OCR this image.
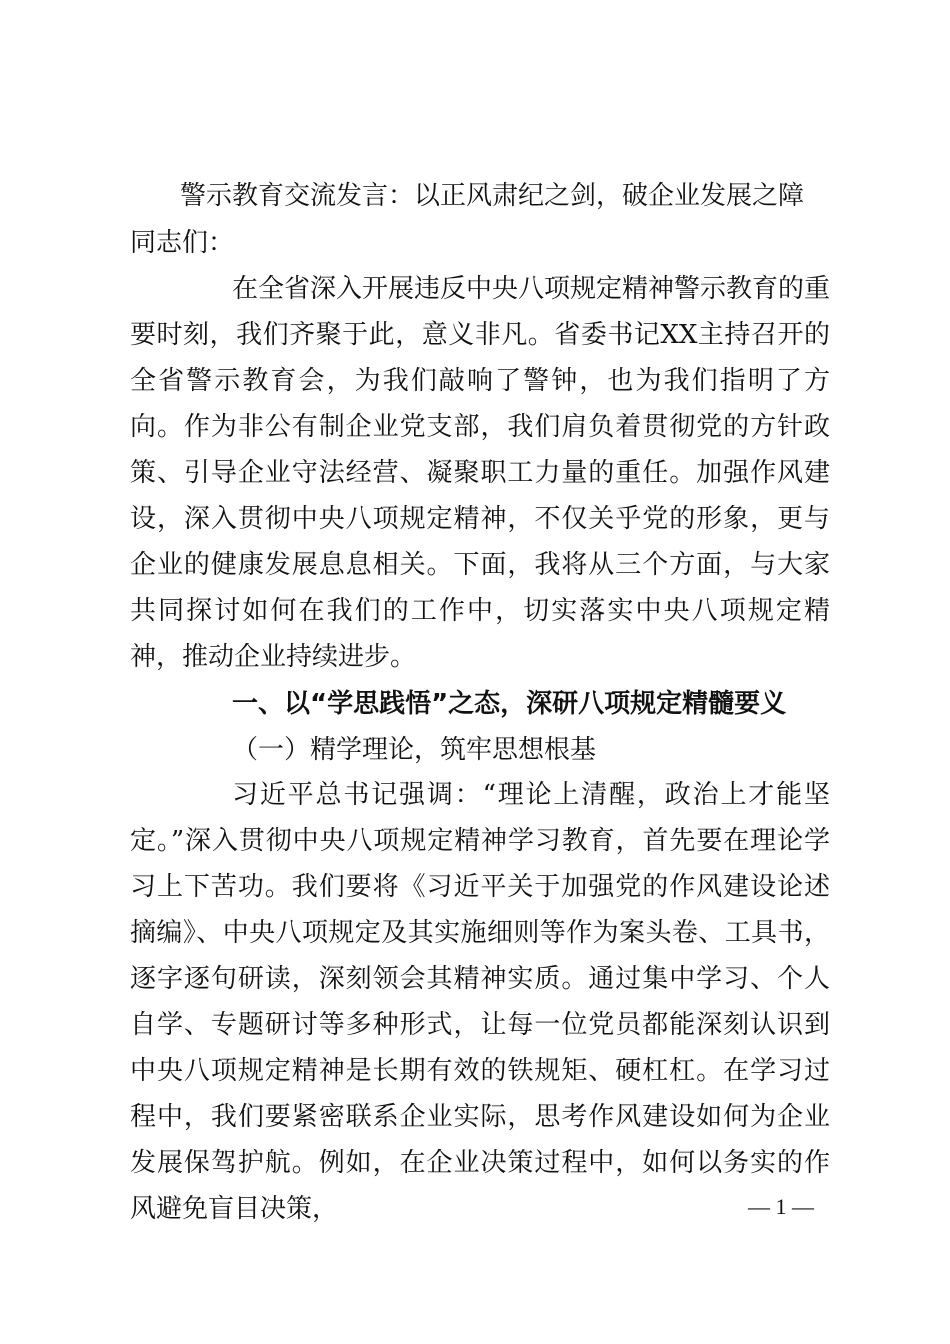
警示教育交流发言：以正风肃纪之剑，破企业发展之障
同志们：

在全省深入开展违反中央八项规定精神警示教育的重要时刻，我们齐聚于此，意义非凡。省委书记XX主持召开的全省警示教育会，为我们敲响了警钟，也为我们指明了方向。作为非公有制企业党支部，我们肩负着贯彻党的方针政策、引导企业守法经营、凝聚职工力量的重任。加强作风建设，深入贯彻中央八项规定精神，不仅关乎党的形象，更与企业的健康发展息息相关。下面，我将从三个方面，与大家共同探讨如何在我们的工作中，切实落实中央八项规定精神，推动企业持续进步。

一、以“学思践悟”之态，深研八项规定精髓要义
（一）精学理论，筑牢思想根基

习近平总书记强调：“理论上清醒，政治上才能坚定。”深入贯彻中央八项规定精神学习教育，首先要在理论学习上下苦功。我们要将《习近平关于加强党的作风建设论述摘编》、中央八项规定及其实施细则等作为案头卷、工具书，逐字逐句研读，深刻领会其精神实质。通过集中学习、个人自学、专题研讨等多种形式，让每一位党员都能深刻认识到中央八项规定精神是长期有效的铁规矩、硬杠杠。在学习过程中，我们要紧密联系企业实际，思考作风建设如何为企业发展保驾护航。例如，在企业决策过程中，如何以务实的作风避免盲目决策，	— 1 —
